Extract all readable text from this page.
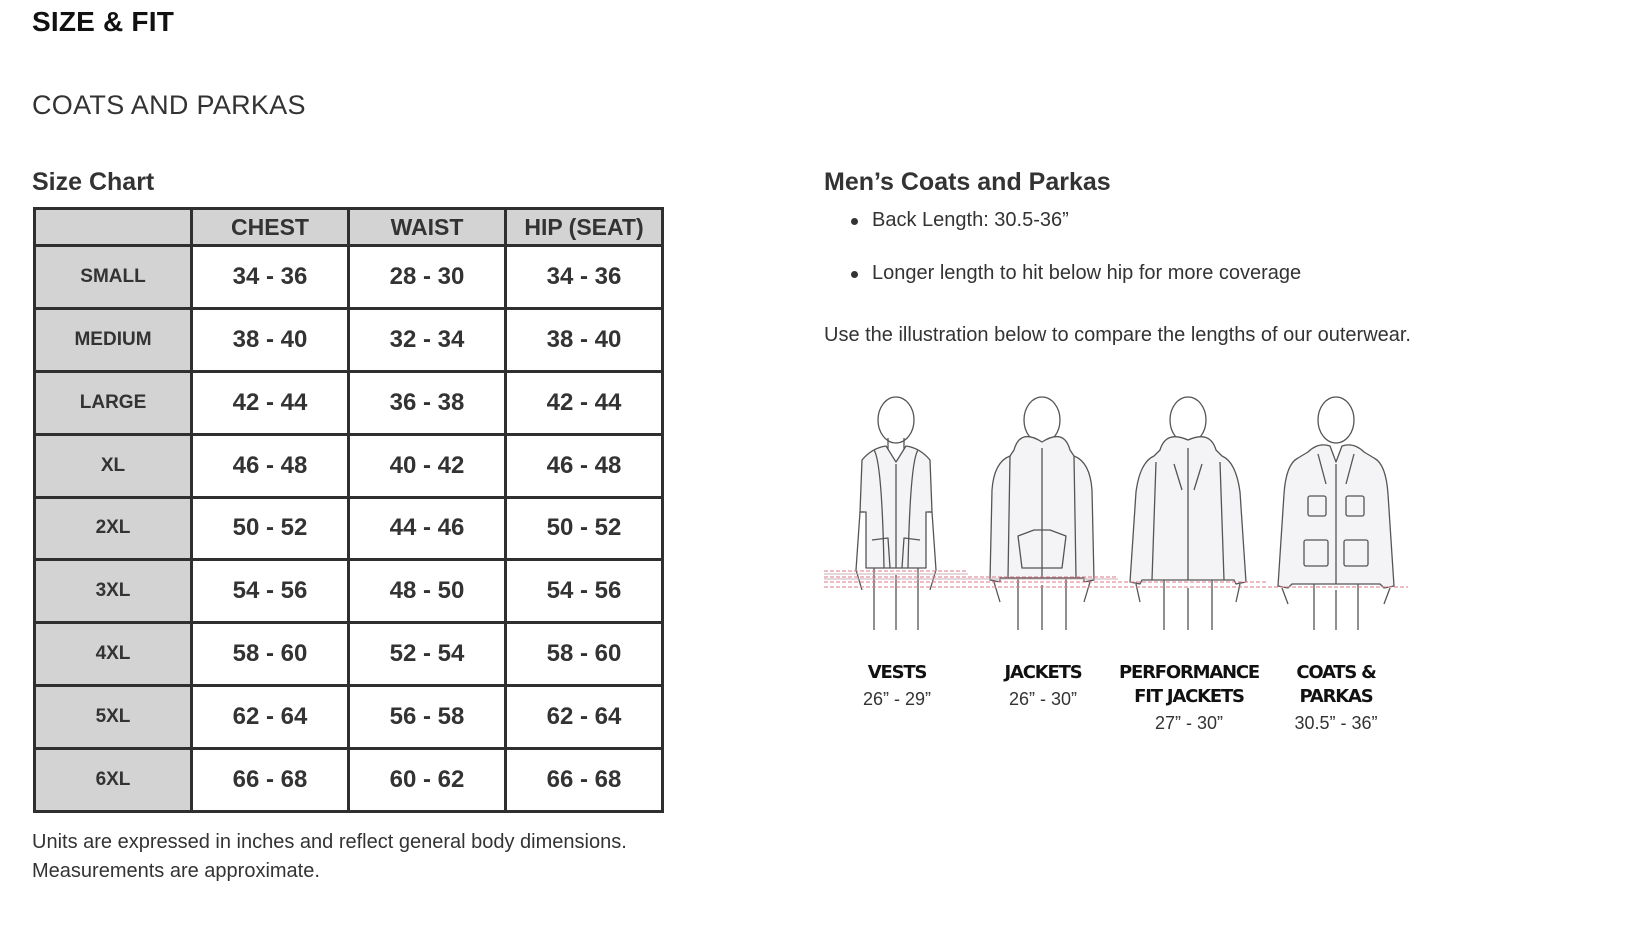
SIZE & FIT
COATS AND PARKAS
Size Chart
	CHEST	WAIST	HIP (SEAT)
SMALL	34 - 36	28 - 30	34 - 36
MEDIUM	38 - 40	32 - 34	38 - 40
LARGE	42 - 44	36 - 38	42 - 44
XL	46 - 48	40 - 42	46 - 48
2XL	50 - 52	44 - 46	50 - 52
3XL	54 - 56	48 - 50	54 - 56
4XL	58 - 60	52 - 54	58 - 60
5XL	62 - 64	56 - 58	62 - 64
6XL	66 - 68	60 - 62	66 - 68

Units are expressed in inches and reflect general body dimensions.
Measurements are approximate.

Men’s Coats and Parkas
Back Length: 30.5-36”
Longer length to hit below hip for more coverage

Use the illustration below to compare the lengths of our outerwear.

VESTS
26” - 29”
JACKETS
26” - 30”
PERFORMANCE FIT JACKETS
27” - 30”
COATS & PARKAS
30.5” - 36”
